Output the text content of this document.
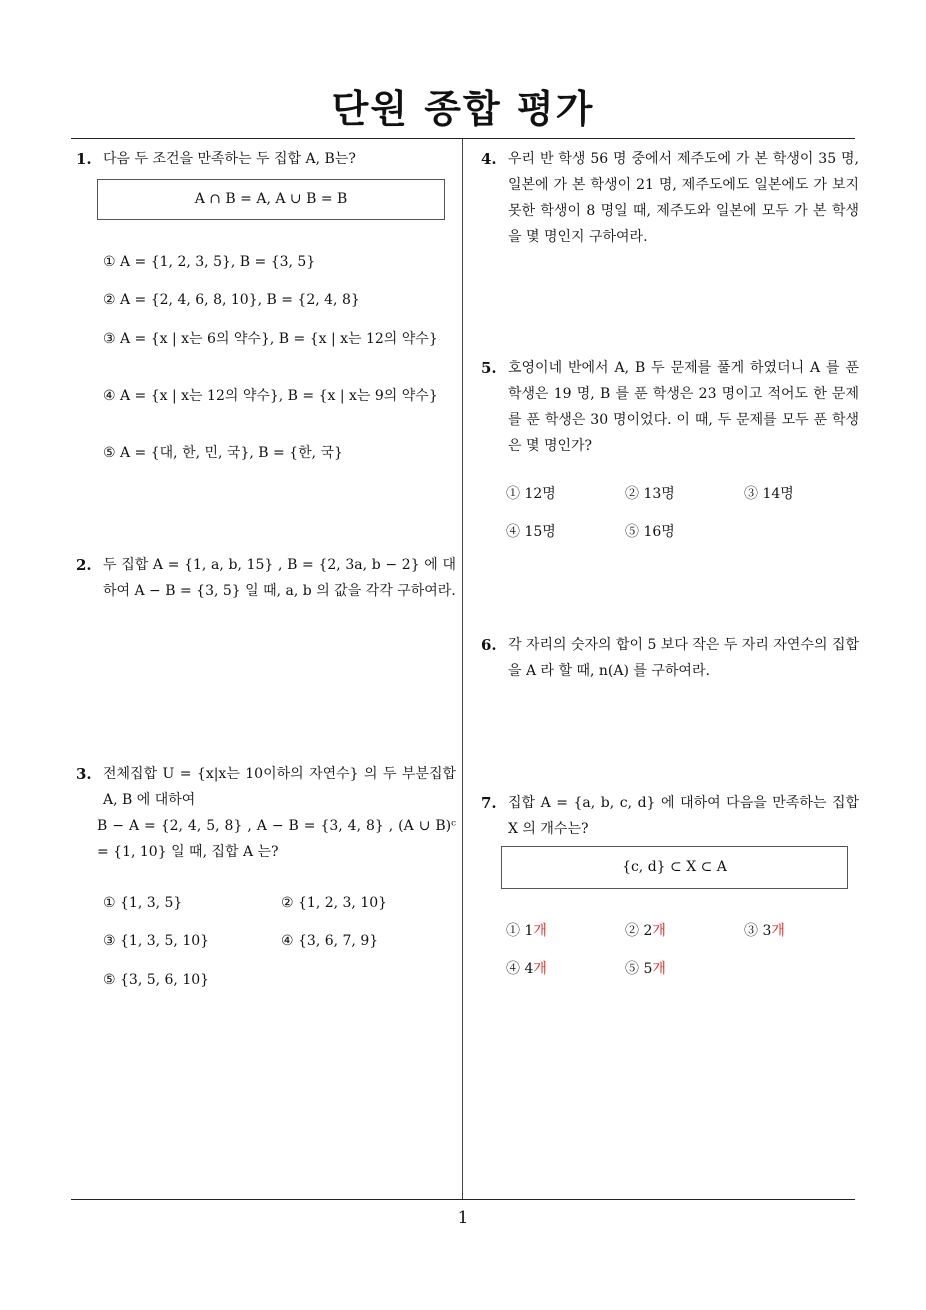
단원 종합 평가
1
1. 다음 두 조건을 만족하는 두 집합 A, B는?
A ∩ B = A, A ∪ B = B
① A = {1, 2, 3, 5}, B = {3, 5}
② A = {2, 4, 6, 8, 10}, B = {2, 4, 8}
③ A = {x | x는 6의 약수}, B = {x | x는 12의 약수}
④ A = {x | x는 12의 약수}, B = {x | x는 9의 약수}
⑤ A = {대, 한, 민, 국}, B = {한, 국}
2. 두 집합 A = {1, a, b, 15} , B = {2, 3a, b − 2} 에 대하여 A − B = {3, 5} 일 때, a, b 의 값을 각각 구하여라.
3. 전체집합 U = {x|x는 10이하의 자연수} 의 두 부분집합 A, B 에 대하여
B − A = {2, 4, 5, 8} , A − B = {3, 4, 8} , (A ∪ B)ᶜ = {1, 10} 일 때, 집합 A 는?
① {1, 3, 5}	② {1, 2, 3, 10}
③ {1, 3, 5, 10}	④ {3, 6, 7, 9}
⑤ {3, 5, 6, 10}
4. 우리 반 학생 56 명 중에서 제주도에 가 본 학생이 35 명, 일본에 가 본 학생이 21 명, 제주도에도 일본에도 가 보지 못한 학생이 8 명일 때, 제주도와 일본에 모두 가 본 학생을 몇 명인지 구하여라.
5. 호영이네 반에서 A, B 두 문제를 풀게 하였더니 A 를 푼 학생은 19 명, B 를 푼 학생은 23 명이고 적어도 한 문제를 푼 학생은 30 명이었다. 이 때, 두 문제를 모두 푼 학생은 몇 명인가?
① 12명	② 13명	③ 14명
④ 15명	⑤ 16명
6. 각 자리의 숫자의 합이 5 보다 작은 두 자리 자연수의 집합을 A 라 할 때, n(A) 를 구하여라.
7. 집합 A = {a, b, c, d} 에 대하여 다음을 만족하는 집합 X 의 개수는?
{c, d} ⊂ X ⊂ A
① 1개	② 2개	③ 3개
④ 4개	⑤ 5개
